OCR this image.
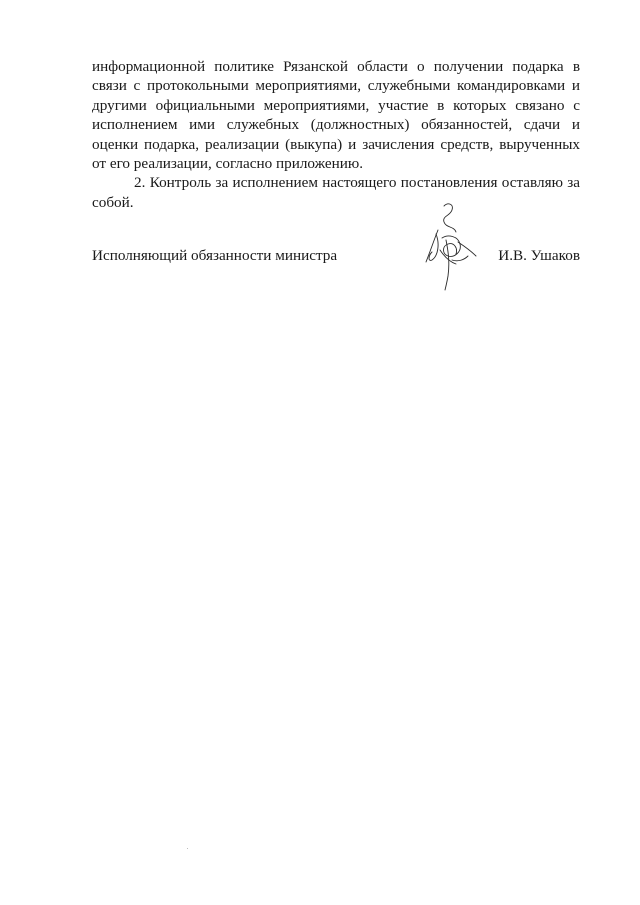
информационной политике Рязанской области о получении подарка в связи с протокольными мероприятиями, служебными командировками и другими официальными мероприятиями, участие в которых связано с исполнением ими служебных (должностных) обязанностей, сдачи и оценки подарка, реализации (выкупа) и зачисления средств, вырученных от его реализации, согласно приложению.

2. Контроль за исполнением настоящего постановления оставляю за собой.

Исполняющий обязанности министра	И.В. Ушаков
